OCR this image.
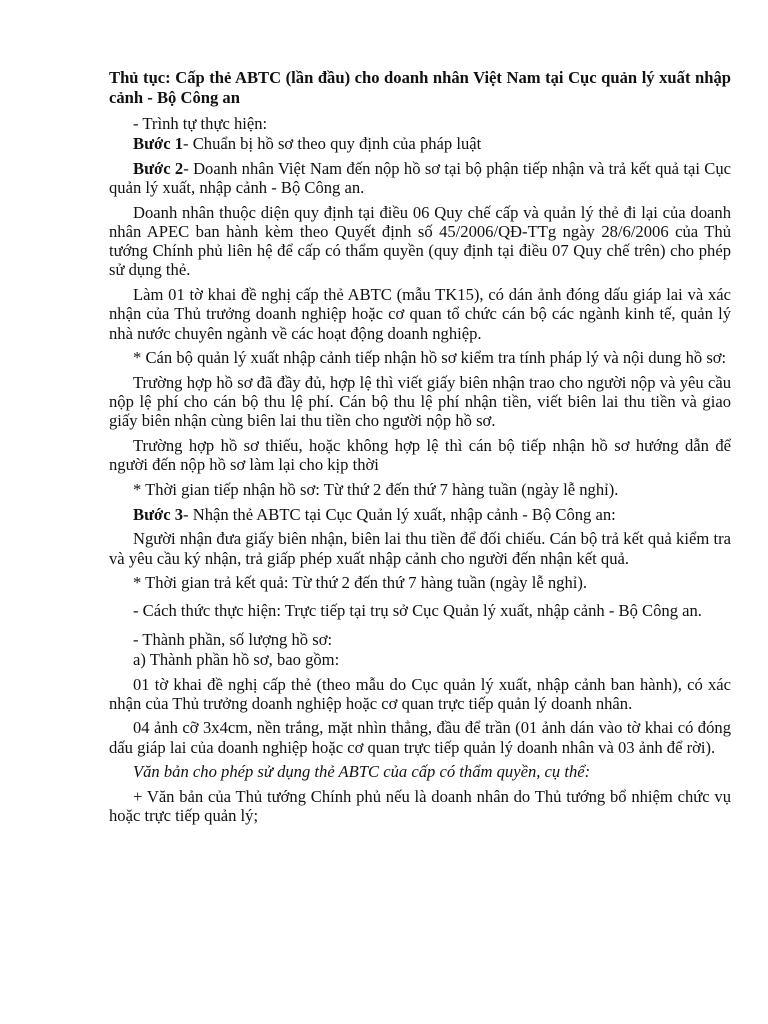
Thủ tục: Cấp thẻ ABTC (lần đầu) cho doanh nhân Việt Nam tại Cục quản lý xuất nhập cảnh - Bộ Công an

- Trình tự thực hiện:

Bước 1- Chuẩn bị hồ sơ theo quy định của pháp luật

Bước 2- Doanh nhân Việt Nam đến nộp hồ sơ tại bộ phận tiếp nhận và trả kết quả tại Cục quản lý xuất, nhập cảnh - Bộ Công an.

Doanh nhân thuộc diện quy định tại điều 06 Quy chế cấp và quản lý thẻ đi lại của doanh nhân APEC ban hành kèm theo Quyết định số 45/2006/QĐ-TTg ngày 28/6/2006 của Thủ tướng Chính phủ liên hệ để cấp có thẩm quyền (quy định tại điều 07 Quy chế trên) cho phép sử dụng thẻ.

Làm 01 tờ khai đề nghị cấp thẻ ABTC (mẫu TK15), có dán ảnh đóng dấu giáp lai và xác nhận của Thủ trưởng doanh nghiệp hoặc cơ quan tổ chức cán bộ các ngành kinh tế, quản lý nhà nước chuyên ngành về các hoạt động doanh nghiệp.

* Cán bộ quản lý xuất nhập cảnh tiếp nhận hồ sơ kiểm tra tính pháp lý và nội dung hồ sơ:

Trường hợp hồ sơ đã đầy đủ, hợp lệ thì viết giấy biên nhận trao cho người nộp và yêu cầu nộp lệ phí cho cán bộ thu lệ phí. Cán bộ thu lệ phí nhận tiền, viết biên lai thu tiền và giao giấy biên nhận cùng biên lai thu tiền cho người nộp hồ sơ.

Trường hợp hồ sơ thiếu, hoặc không hợp lệ thì cán bộ tiếp nhận hồ sơ hướng dẫn để người đến nộp hồ sơ làm lại cho kịp thời

* Thời gian tiếp nhận hồ sơ: Từ thứ 2 đến thứ 7 hàng tuần (ngày lễ nghỉ).

Bước 3- Nhận thẻ ABTC tại Cục Quản lý xuất, nhập cảnh - Bộ Công an:

Người nhận đưa giấy biên nhận, biên lai thu tiền để đối chiếu. Cán bộ trả kết quả kiểm tra và yêu cầu ký nhận, trả giấp phép xuất nhập cảnh cho người đến nhận kết quả.

* Thời gian trả kết quả: Từ thứ 2 đến thứ 7 hàng tuần (ngày lễ nghỉ).

- Cách thức thực hiện: Trực tiếp tại trụ sở Cục Quản lý xuất, nhập cảnh - Bộ Công an.

- Thành phần, số lượng hồ sơ:

a) Thành phần hồ sơ, bao gồm:

01 tờ khai đề nghị cấp thẻ (theo mẫu do Cục quản lý xuất, nhập cảnh ban hành), có xác nhận của Thủ trưởng doanh nghiệp hoặc cơ quan trực tiếp quản lý doanh nhân.

04 ảnh cỡ 3x4cm, nền trắng, mặt nhìn thẳng, đầu để trần (01 ảnh dán vào tờ khai có đóng dấu giáp lai của doanh nghiệp hoặc cơ quan trực tiếp quản lý doanh nhân và 03 ảnh để rời).

Văn bản cho phép sử dụng thẻ ABTC của cấp có thẩm quyền, cụ thể:

+ Văn bản của Thủ tướng Chính phủ nếu là doanh nhân do Thủ tướng bổ nhiệm chức vụ hoặc trực tiếp quản lý;
